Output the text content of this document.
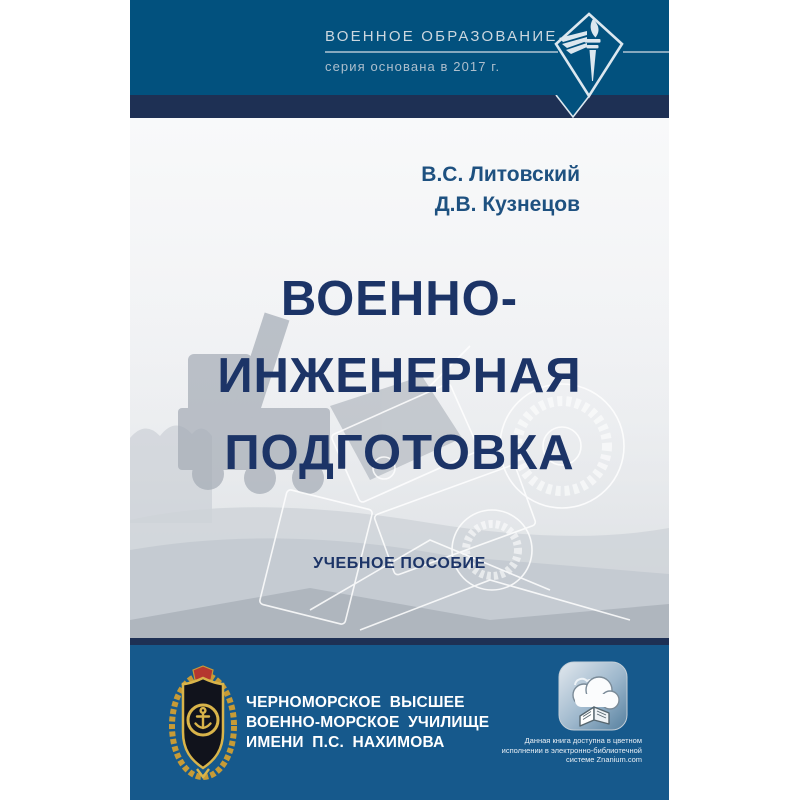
ВОЕННОЕ ОБРАЗОВАНИЕ
серия основана в 2017 г.
В.С. Литовский
Д.В. Кузнецов
ВОЕННО-
ИНЖЕНЕРНАЯ
ПОДГОТОВКА
УЧЕБНОЕ ПОСОБИЕ
ЧЕРНОМОРСКОЕ ВЫСШЕЕ
ВОЕННО-МОРСКОЕ УЧИЛИЩЕ
ИМЕНИ П.С. НАХИМОВА	Данная книга доступна в цветном
исполнении в электронно-библиотечной
системе Znanium.com
